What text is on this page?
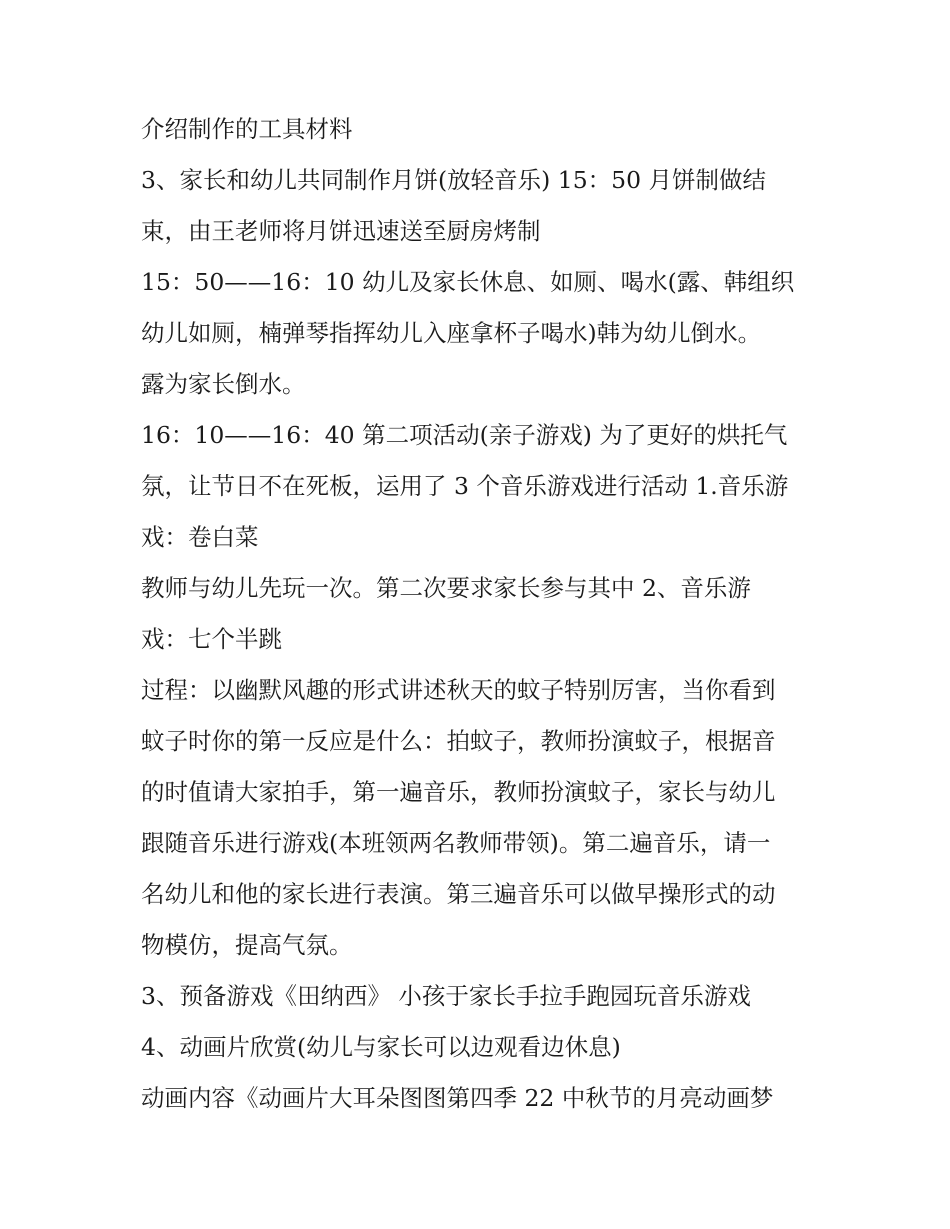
介绍制作的工具材料
3、家长和幼儿共同制作月饼(放轻音乐) 15：50 月饼制做结
束，由王老师将月饼迅速送至厨房烤制
15：50——16：10 幼儿及家长休息、如厕、喝水(露、韩组织
幼儿如厕，楠弹琴指挥幼儿入座拿杯子喝水)韩为幼儿倒水。
露为家长倒水。
16：10——16：40 第二项活动(亲子游戏) 为了更好的烘托气
氛，让节日不在死板，运用了 3 个音乐游戏进行活动 1.音乐游
戏：卷白菜
教师与幼儿先玩一次。第二次要求家长参与其中 2、音乐游
戏：七个半跳
过程：以幽默风趣的形式讲述秋天的蚊子特别厉害，当你看到
蚊子时你的第一反应是什么：拍蚊子，教师扮演蚊子，根据音
的时值请大家拍手，第一遍音乐，教师扮演蚊子，家长与幼儿
跟随音乐进行游戏(本班领两名教师带领)。第二遍音乐，请一
名幼儿和他的家长进行表演。第三遍音乐可以做早操形式的动
物模仿，提高气氛。
3、预备游戏《田纳西》 小孩于家长手拉手跑园玩音乐游戏
4、动画片欣赏(幼儿与家长可以边观看边休息)
动画内容《动画片大耳朵图图第四季 22 中秋节的月亮动画梦
